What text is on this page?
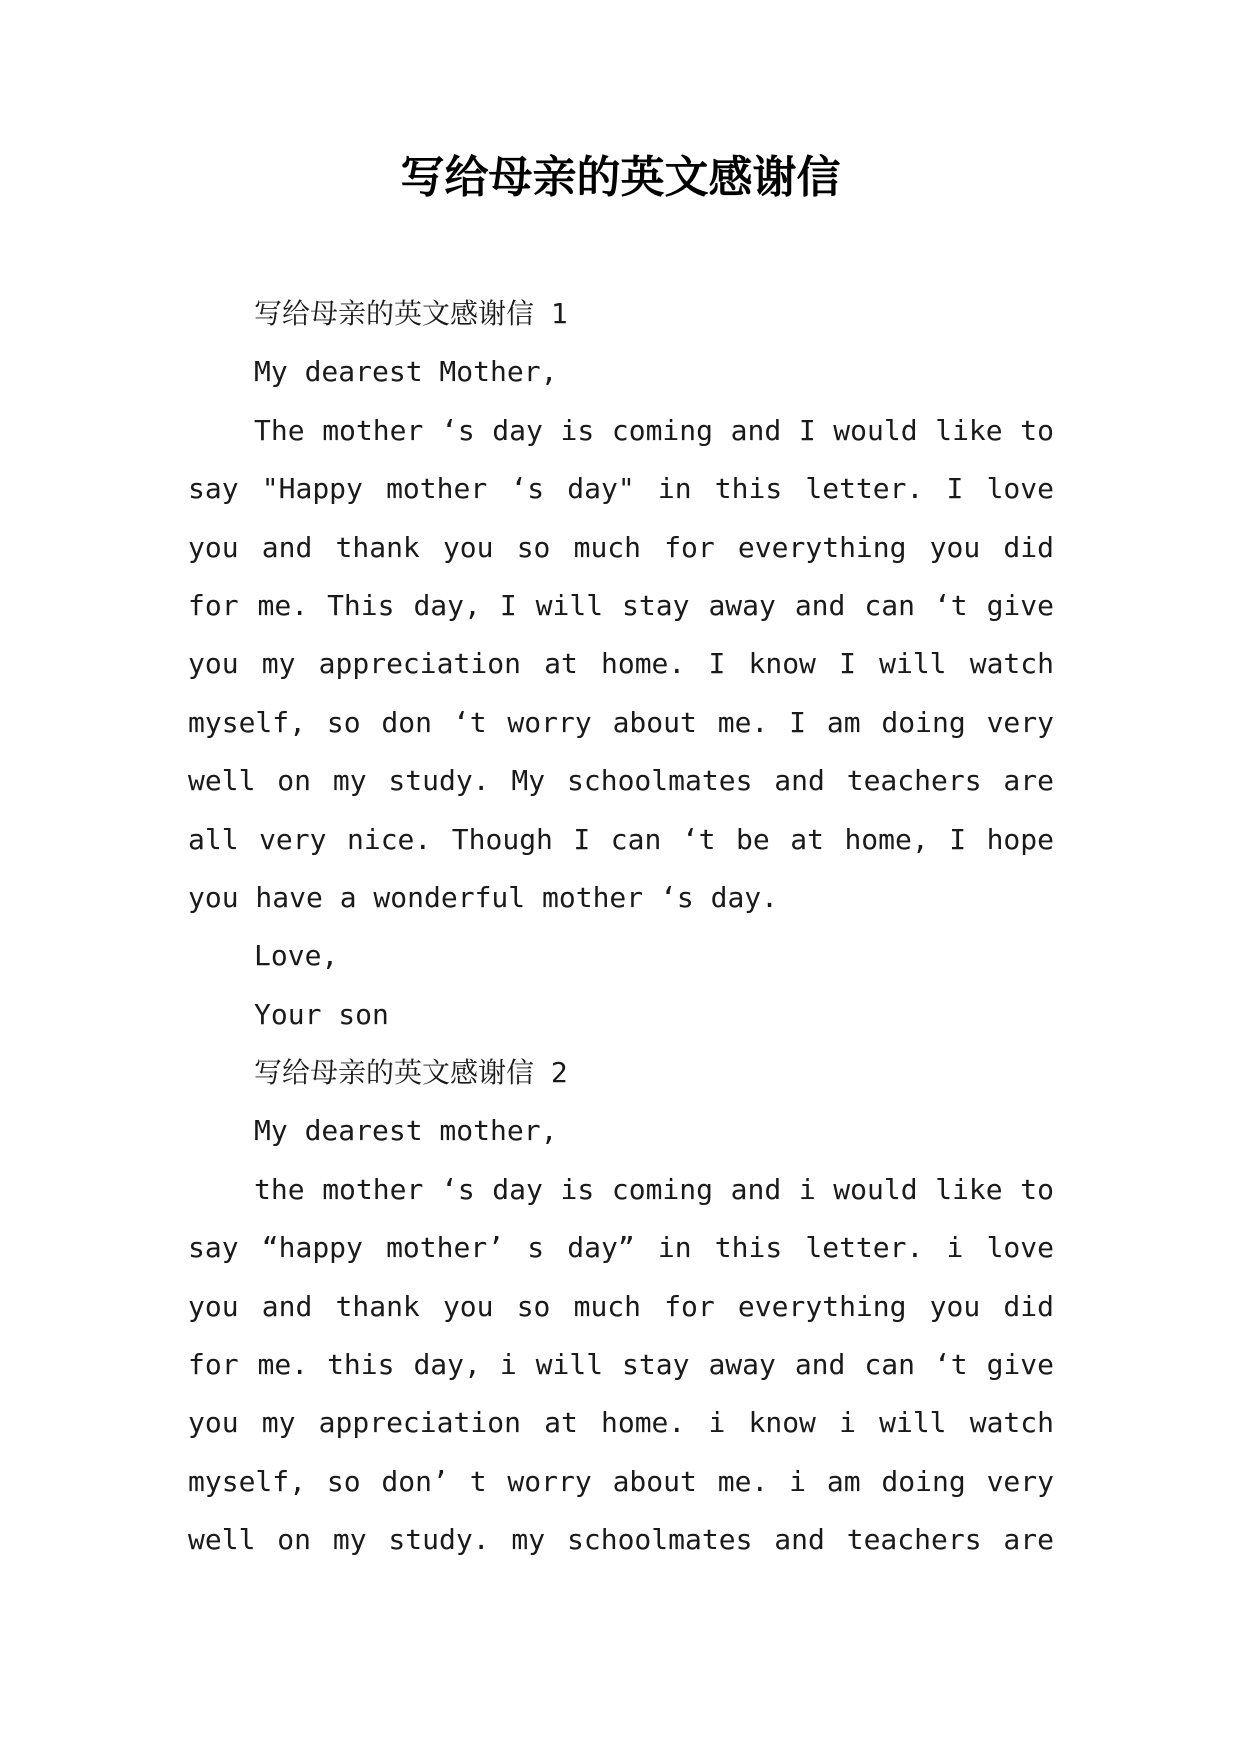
写给母亲的英文感谢信
写给母亲的英文感谢信 1
My dearest Mother,
The mother ‘s day is coming and I would like to
say "Happy mother ‘s day" in this letter. I love
you and thank you so much for everything you did
for me. This day, I will stay away and can ‘t give
you my appreciation at home. I know I will watch
myself, so don ‘t worry about me. I am doing very
well on my study. My schoolmates and teachers are
all very nice. Though I can ‘t be at home, I hope
you have a wonderful mother ‘s day.
Love,
Your son
写给母亲的英文感谢信 2
My dearest mother,
the mother ‘s day is coming and i would like to
say “happy mother’ s day” in this letter. i love
you and thank you so much for everything you did
for me. this day, i will stay away and can ‘t give
you my appreciation at home. i know i will watch
myself, so don’ t worry about me. i am doing very
well on my study. my schoolmates and teachers are
